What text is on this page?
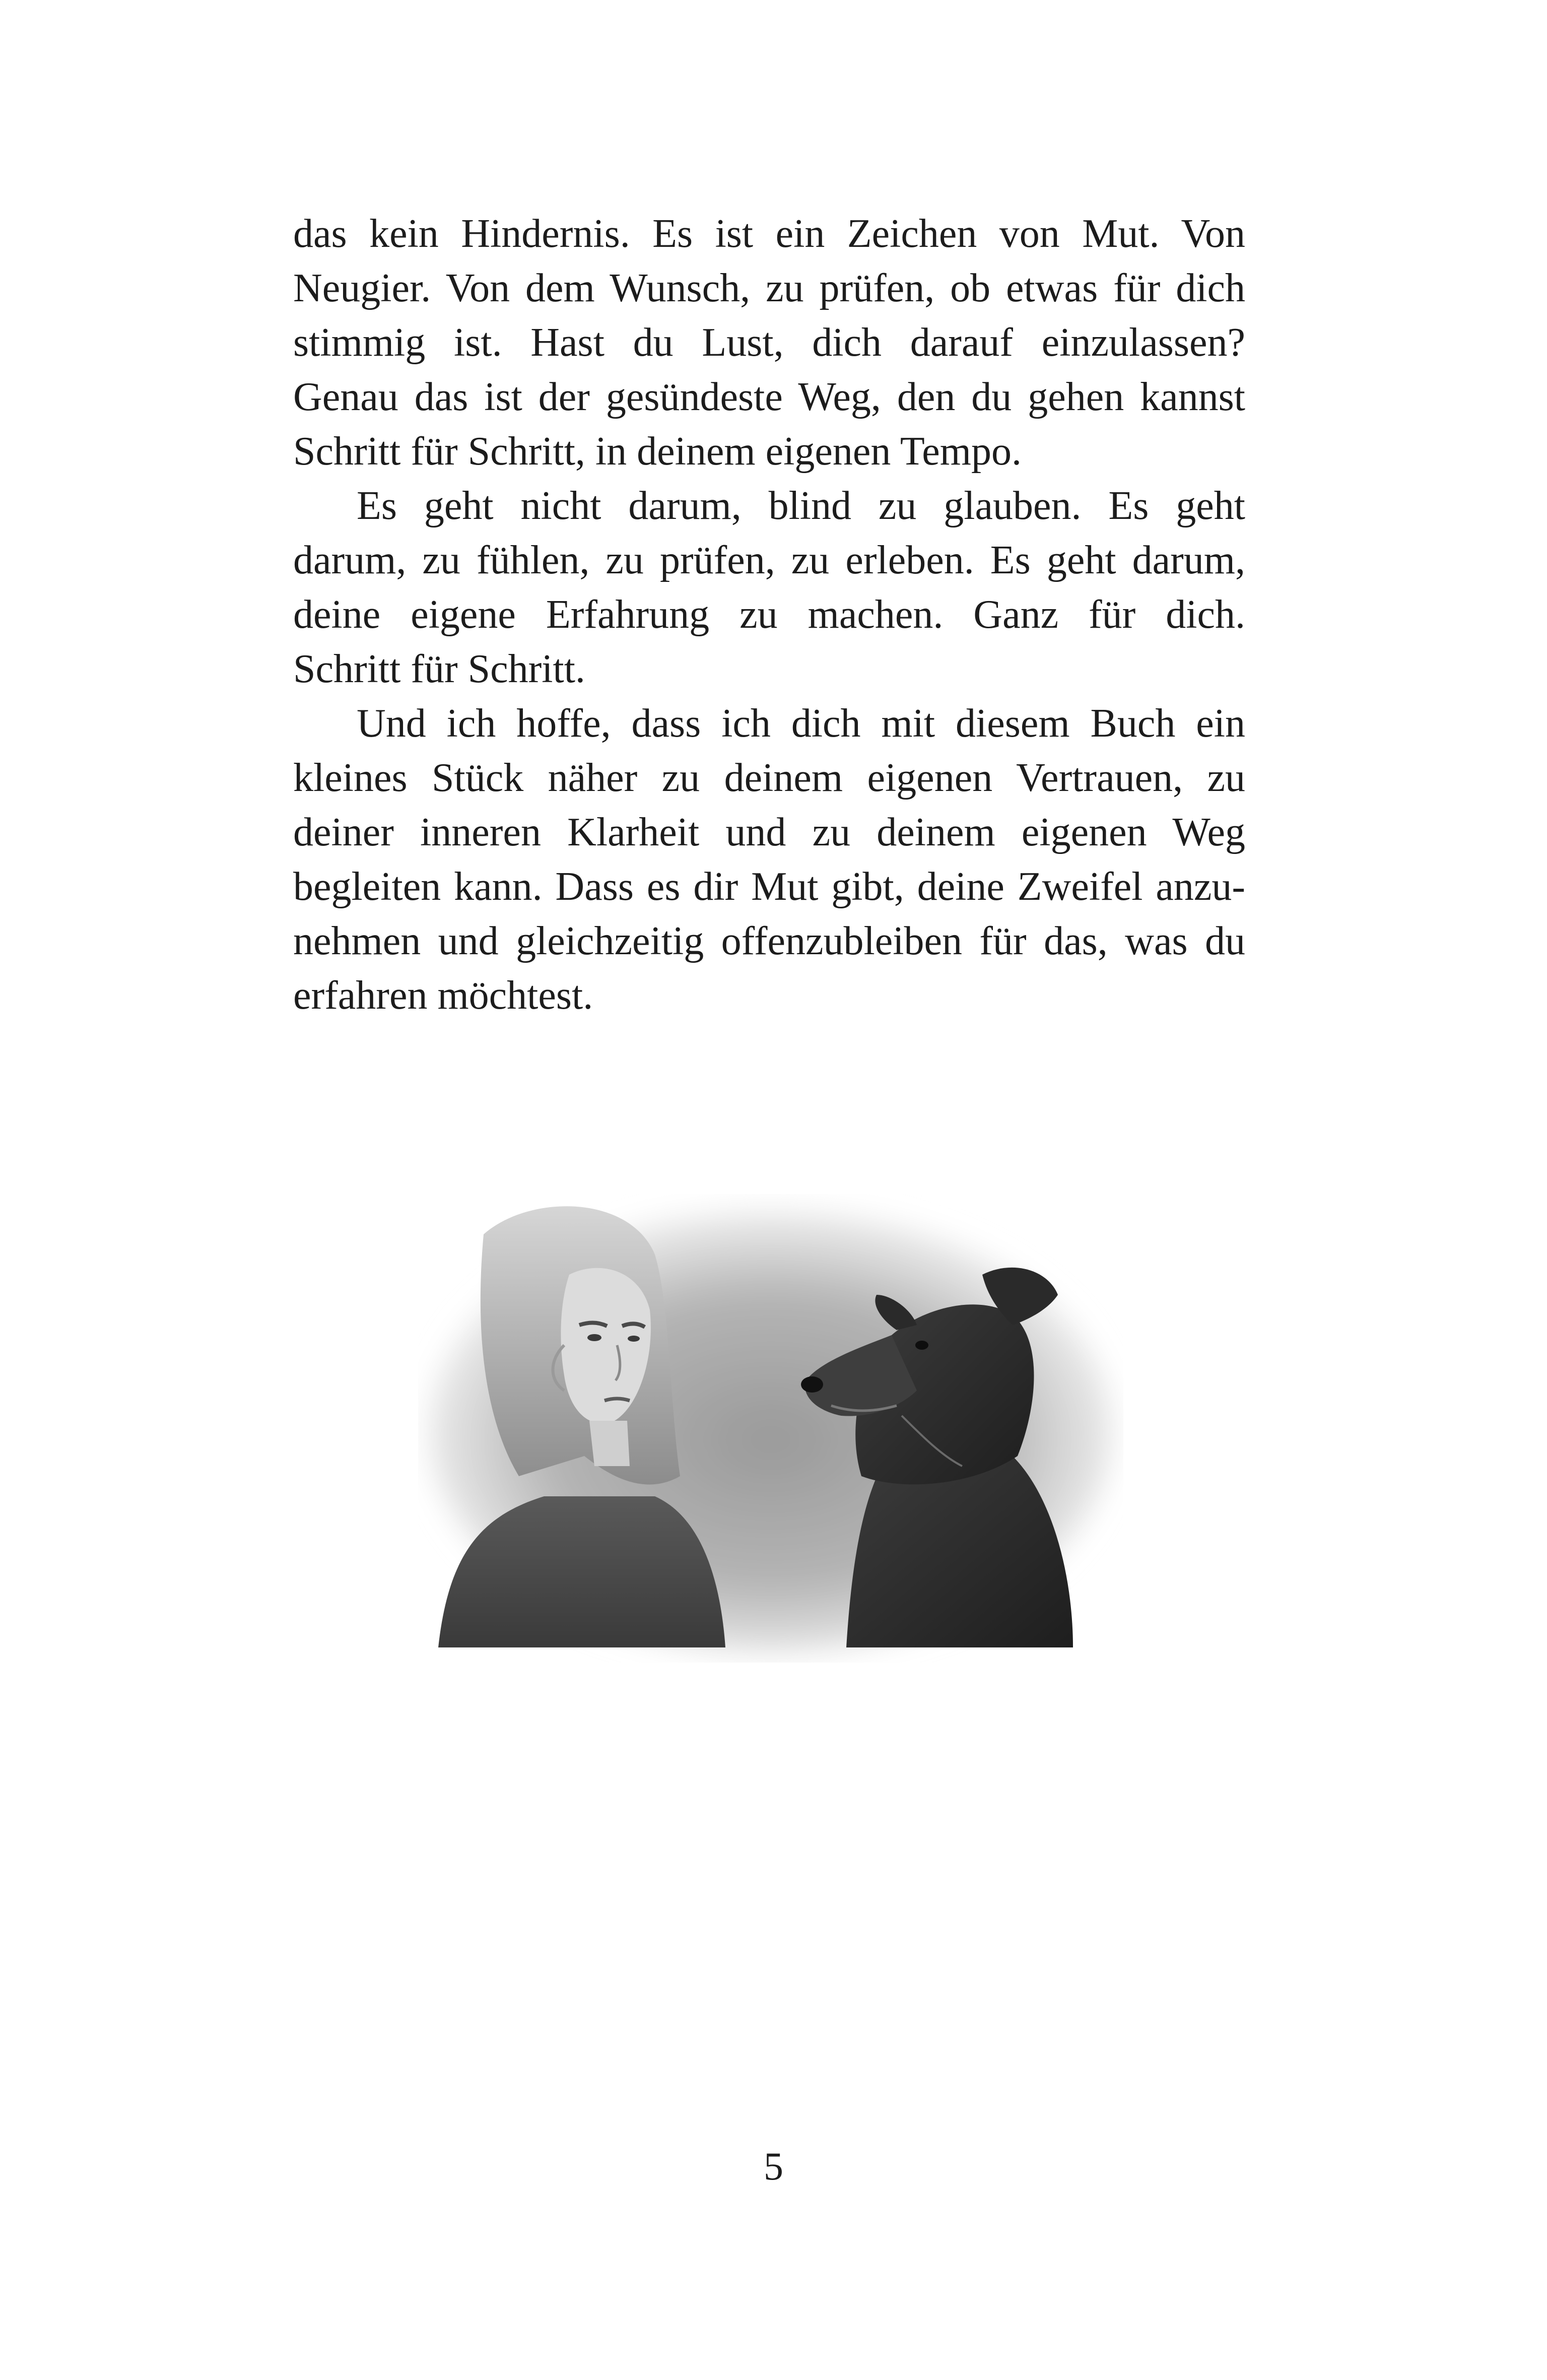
das kein Hindernis. Es ist ein Zeichen von Mut. Von
Neugier. Von dem Wunsch, zu prüfen, ob etwas für dich
stimmig ist. Hast du Lust, dich darauf einzulassen?
Genau das ist der gesündeste Weg, den du gehen kannst
Schritt für Schritt, in deinem eigenen Tempo.

Es geht nicht darum, blind zu glauben. Es geht
darum, zu fühlen, zu prüfen, zu erleben. Es geht darum,
deine eigene Erfahrung zu machen. Ganz für dich.
Schritt für Schritt.

Und ich hoffe, dass ich dich mit diesem Buch ein
kleines Stück näher zu deinem eigenen Vertrauen, zu
deiner inneren Klarheit und zu deinem eigenen Weg
begleiten kann. Dass es dir Mut gibt, deine Zweifel anzu-
nehmen und gleichzeitig offenzubleiben für das, was du
erfahren möchtest.

5
